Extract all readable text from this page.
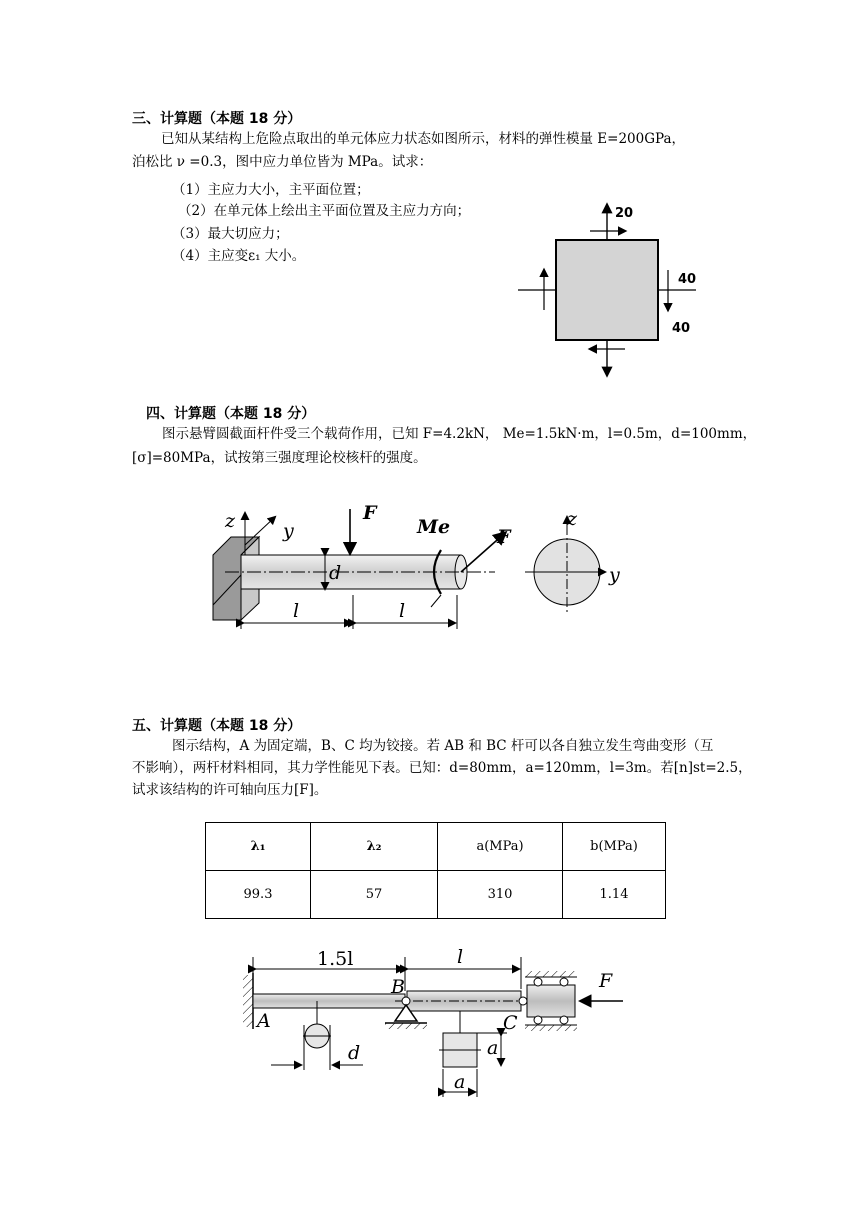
三、计算题（本题 18 分）
已知从某结构上危险点取出的单元体应力状态如图所示，材料的弹性模量 E=200GPa，
泊松比 ν =0.3，图中应力单位皆为 MPa。试求：
（1）主应力大小，主平面位置；
（2）在单元体上绘出主平面位置及主应力方向；
（3）最大切应力；
（4）主应变ε₁ 大小。
20
40
40
四、计算题（本题 18 分）
图示悬臂圆截面杆件受三个载荷作用，已知 F=4.2kN， Me=1.5kN·m，l=0.5m，d=100mm，
[σ]=80MPa，试按第三强度理论校核杆的强度。
z	y
F
Me F
d
l	l
z
y
五、计算题（本题 18 分）
图示结构，A 为固定端，B、C 均为铰接。若 AB 和 BC 杆可以各自独立发生弯曲变形（互
不影响），两杆材料相同，其力学性能见下表。已知：d=80mm，a=120mm，l=3m。若[n]st=2.5，
试求该结构的许可轴向压力[F]。
λ₁	λ₂	a(MPa)	b(MPa)
99.3	57	310	1.14
1.5l	l
A
B
C
F
d	a
a
